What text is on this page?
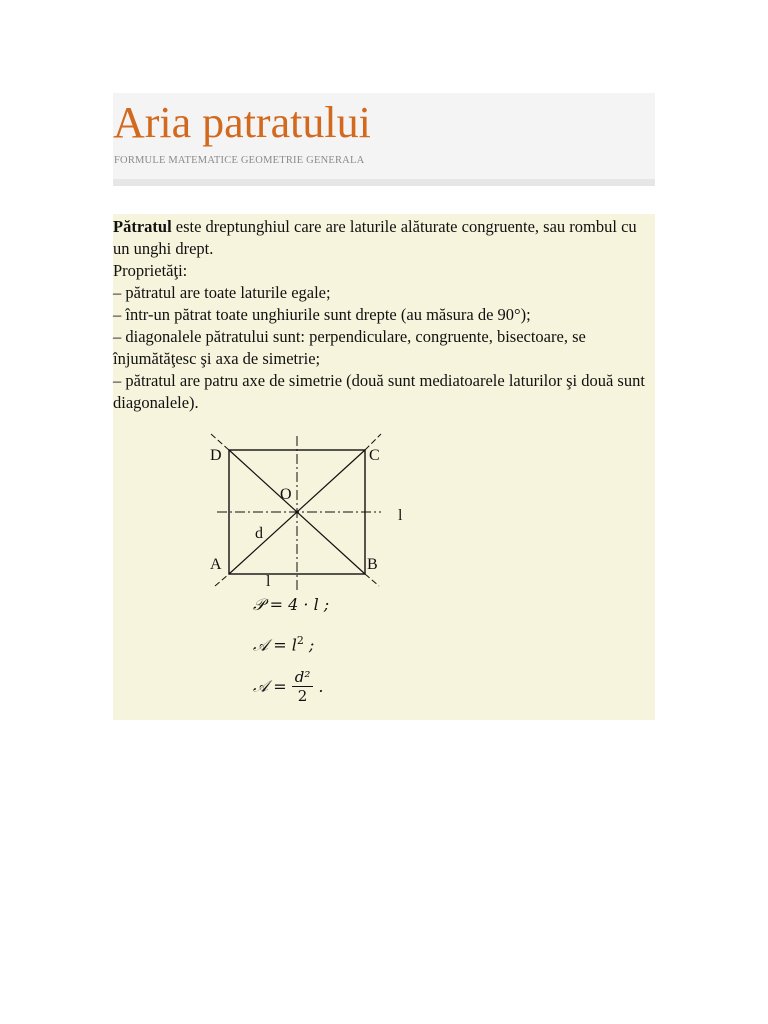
Aria patratului
FORMULE MATEMATICE GEOMETRIE GENERALA

Pătratul este dreptunghiul care are laturile alăturate congruente, sau rombul cu un unghi drept.

Proprietăţi:

– pătratul are toate laturile egale;

– într-un pătrat toate unghiurile sunt drepte (au măsura de 90°);

– diagonalele pătratului sunt: perpendiculare, congruente, bisectoare, se înjumătăţesc şi axa de simetrie;

– pătratul are patru axe de simetrie (două sunt mediatoarele laturilor şi două sunt diagonalele).

D	C
A	B
O
d
l
l
𝒫 = 4 · l ;
𝒜 = $l^2$ ;
𝒜 = $\frac{\text{d²}}{2}$ .
